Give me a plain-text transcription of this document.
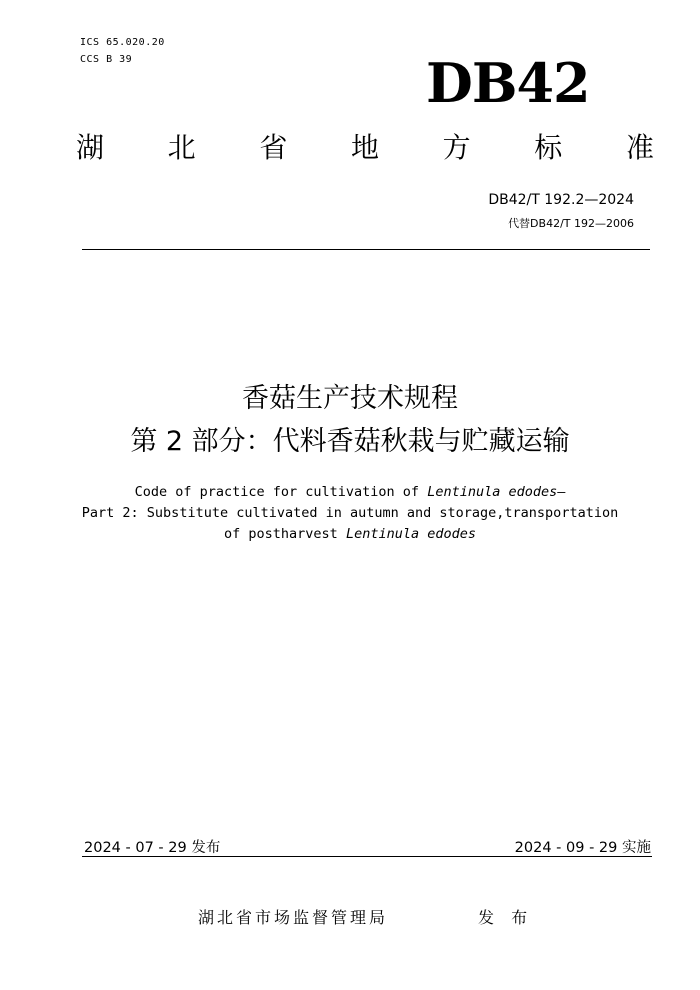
ICS 65.020.20
CCS B 39	DB42
湖 北 省 地 方 标 准
DB42/T 192.2—2024
代替DB42/T 192—2006
香菇生产技术规程
第 2 部分：代料香菇秋栽与贮藏运输
Code of practice for cultivation of Lentinula edodes—
Part 2: Substitute cultivated in autumn and storage,transportation
of postharvest Lentinula edodes
2024 - 07 - 29 发布	2024 - 09 - 29 实施
湖北省市场监督管理局	发 布
